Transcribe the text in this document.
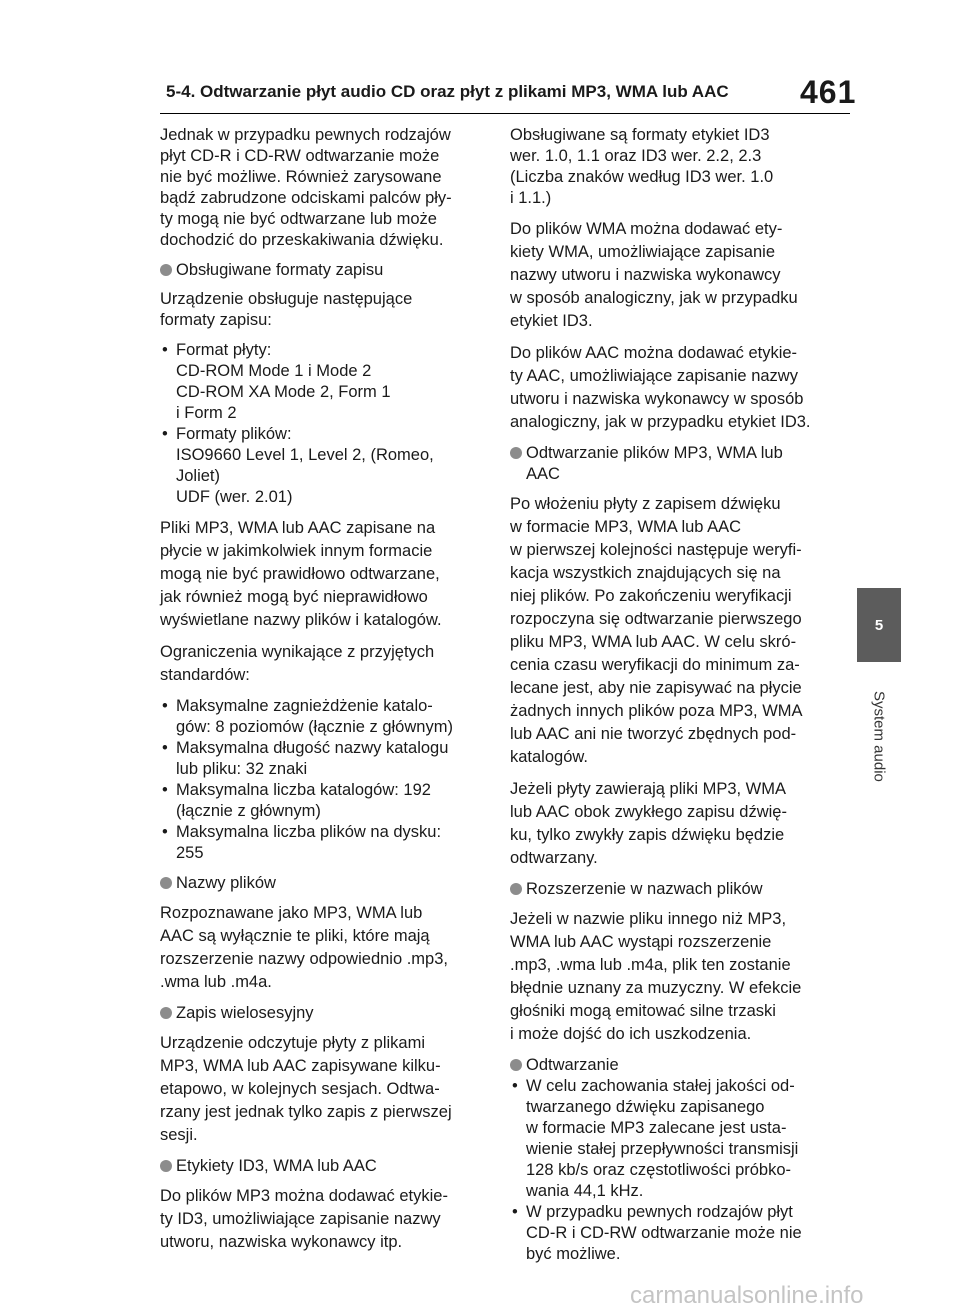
5-4. Odtwarzanie płyt audio CD oraz płyt z plikami MP3, WMA lub AAC 461

Jednak w przypadku pewnych rodzajów
płyt CD-R i CD-RW odtwarzanie może
nie być możliwe. Również zarysowane
bądź zabrudzone odciskami palców pły-
ty mogą nie być odtwarzane lub może
dochodzić do przeskakiwania dźwięku.

Obsługiwane formaty zapisu

Urządzenie obsługuje następujące
formaty zapisu:

• Format płyty:
CD-ROM Mode 1 i Mode 2
CD-ROM XA Mode 2, Form 1
i Form 2
• Formaty plików:
ISO9660 Level 1, Level 2, (Romeo,
Joliet)
UDF (wer. 2.01)

Pliki MP3, WMA lub AAC zapisane na
płycie w jakimkolwiek innym formacie
mogą nie być prawidłowo odtwarzane,
jak również mogą być nieprawidłowo
wyświetlane nazwy plików i katalogów.

Ograniczenia wynikające z przyjętych
standardów:

• Maksymalne zagnieżdżenie katalo-
gów: 8 poziomów (łącznie z głównym)
• Maksymalna długość nazwy katalogu
lub pliku: 32 znaki
• Maksymalna liczba katalogów: 192
(łącznie z głównym)
• Maksymalna liczba plików na dysku:
255
Nazwy plików

Rozpoznawane jako MP3, WMA lub
AAC są wyłącznie te pliki, które mają
rozszerzenie nazwy odpowiednio .mp3,
.wma lub .m4a.

Zapis wielosesyjny

Urządzenie odczytuje płyty z plikami
MP3, WMA lub AAC zapisywane kilku-
etapowo, w kolejnych sesjach. Odtwa-
rzany jest jednak tylko zapis z pierwszej
sesji.

Etykiety ID3, WMA lub AAC

Do plików MP3 można dodawać etykie-
ty ID3, umożliwiające zapisanie nazwy
utworu, nazwiska wykonawcy itp.

Obsługiwane są formaty etykiet ID3
wer. 1.0, 1.1 oraz ID3 wer. 2.2, 2.3
(Liczba znaków według ID3 wer. 1.0
i 1.1.)

Do plików WMA można dodawać ety-
kiety WMA, umożliwiające zapisanie
nazwy utworu i nazwiska wykonawcy
w sposób analogiczny, jak w przypadku
etykiet ID3.

Do plików AAC można dodawać etykie-
ty AAC, umożliwiające zapisanie nazwy
utworu i nazwiska wykonawcy w sposób
analogiczny, jak w przypadku etykiet ID3.

Odtwarzanie plików MP3, WMA lub
AAC

Po włożeniu płyty z zapisem dźwięku
w formacie MP3, WMA lub AAC
w pierwszej kolejności następuje weryfi-
kacja wszystkich znajdujących się na
niej plików. Po zakończeniu weryfikacji
rozpoczyna się odtwarzanie pierwszego
pliku MP3, WMA lub AAC. W celu skró-
cenia czasu weryfikacji do minimum za-
lecane jest, aby nie zapisywać na płycie
żadnych innych plików poza MP3, WMA
lub AAC ani nie tworzyć zbędnych pod-
katalogów.

Jeżeli płyty zawierają pliki MP3, WMA
lub AAC obok zwykłego zapisu dźwię-
ku, tylko zwykły zapis dźwięku będzie
odtwarzany.

Rozszerzenie w nazwach plików

Jeżeli w nazwie pliku innego niż MP3,
WMA lub AAC wystąpi rozszerzenie
.mp3, .wma lub .m4a, plik ten zostanie
błędnie uznany za muzyczny. W efekcie
głośniki mogą emitować silne trzaski
i może dojść do ich uszkodzenia.

Odtwarzanie
• W celu zachowania stałej jakości od-
twarzanego dźwięku zapisanego
w formacie MP3 zalecane jest usta-
wienie stałej przepływności transmisji
128 kb/s oraz częstotliwości próbko-
wania 44,1 kHz.
• W przypadku pewnych rodzajów płyt
CD-R i CD-RW odtwarzanie może nie
być możliwe.
5
System audio
carmanualsonline.info
